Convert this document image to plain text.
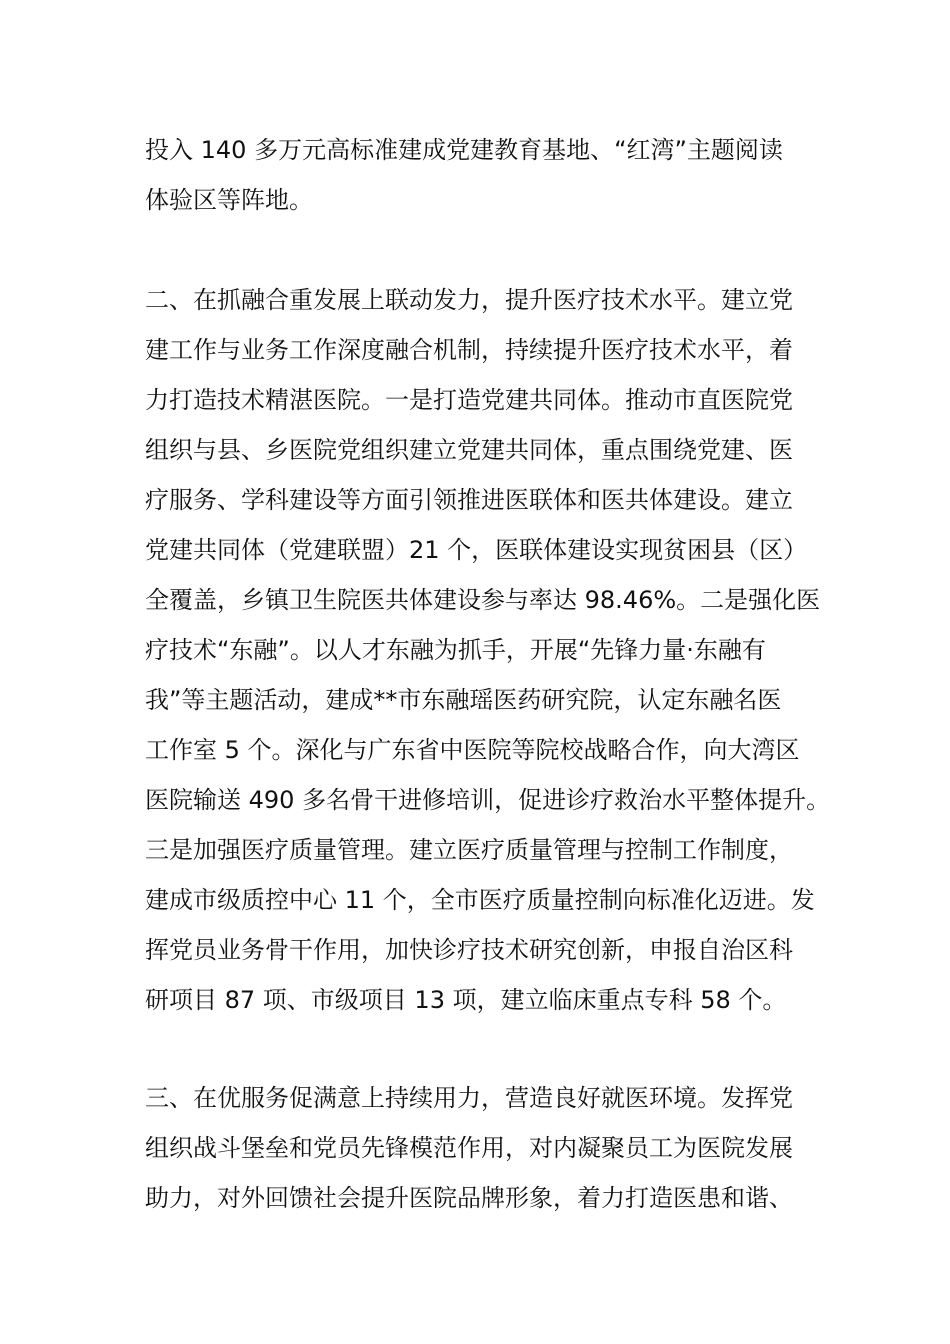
投入 140 多万元高标准建成党建教育基地、“红湾”主题阅读
体验区等阵地。
二、在抓融合重发展上联动发力，提升医疗技术水平。建立党
建工作与业务工作深度融合机制，持续提升医疗技术水平，着
力打造技术精湛医院。一是打造党建共同体。推动市直医院党
组织与县、乡医院党组织建立党建共同体，重点围绕党建、医
疗服务、学科建设等方面引领推进医联体和医共体建设。建立
党建共同体（党建联盟）21 个，医联体建设实现贫困县（区）
全覆盖，乡镇卫生院医共体建设参与率达 98.46%。二是强化医
疗技术“东融”。以人才东融为抓手，开展“先锋力量·东融有
我”等主题活动，建成**市东融瑶医药研究院，认定东融名医
工作室 5 个。深化与广东省中医院等院校战略合作，向大湾区
医院输送 490 多名骨干进修培训，促进诊疗救治水平整体提升。
三是加强医疗质量管理。建立医疗质量管理与控制工作制度，
建成市级质控中心 11 个，全市医疗质量控制向标准化迈进。发
挥党员业务骨干作用，加快诊疗技术研究创新，申报自治区科
研项目 87 项、市级项目 13 项，建立临床重点专科 58 个。
三、在优服务促满意上持续用力，营造良好就医环境。发挥党
组织战斗堡垒和党员先锋模范作用，对内凝聚员工为医院发展
助力，对外回馈社会提升医院品牌形象，着力打造医患和谐、
